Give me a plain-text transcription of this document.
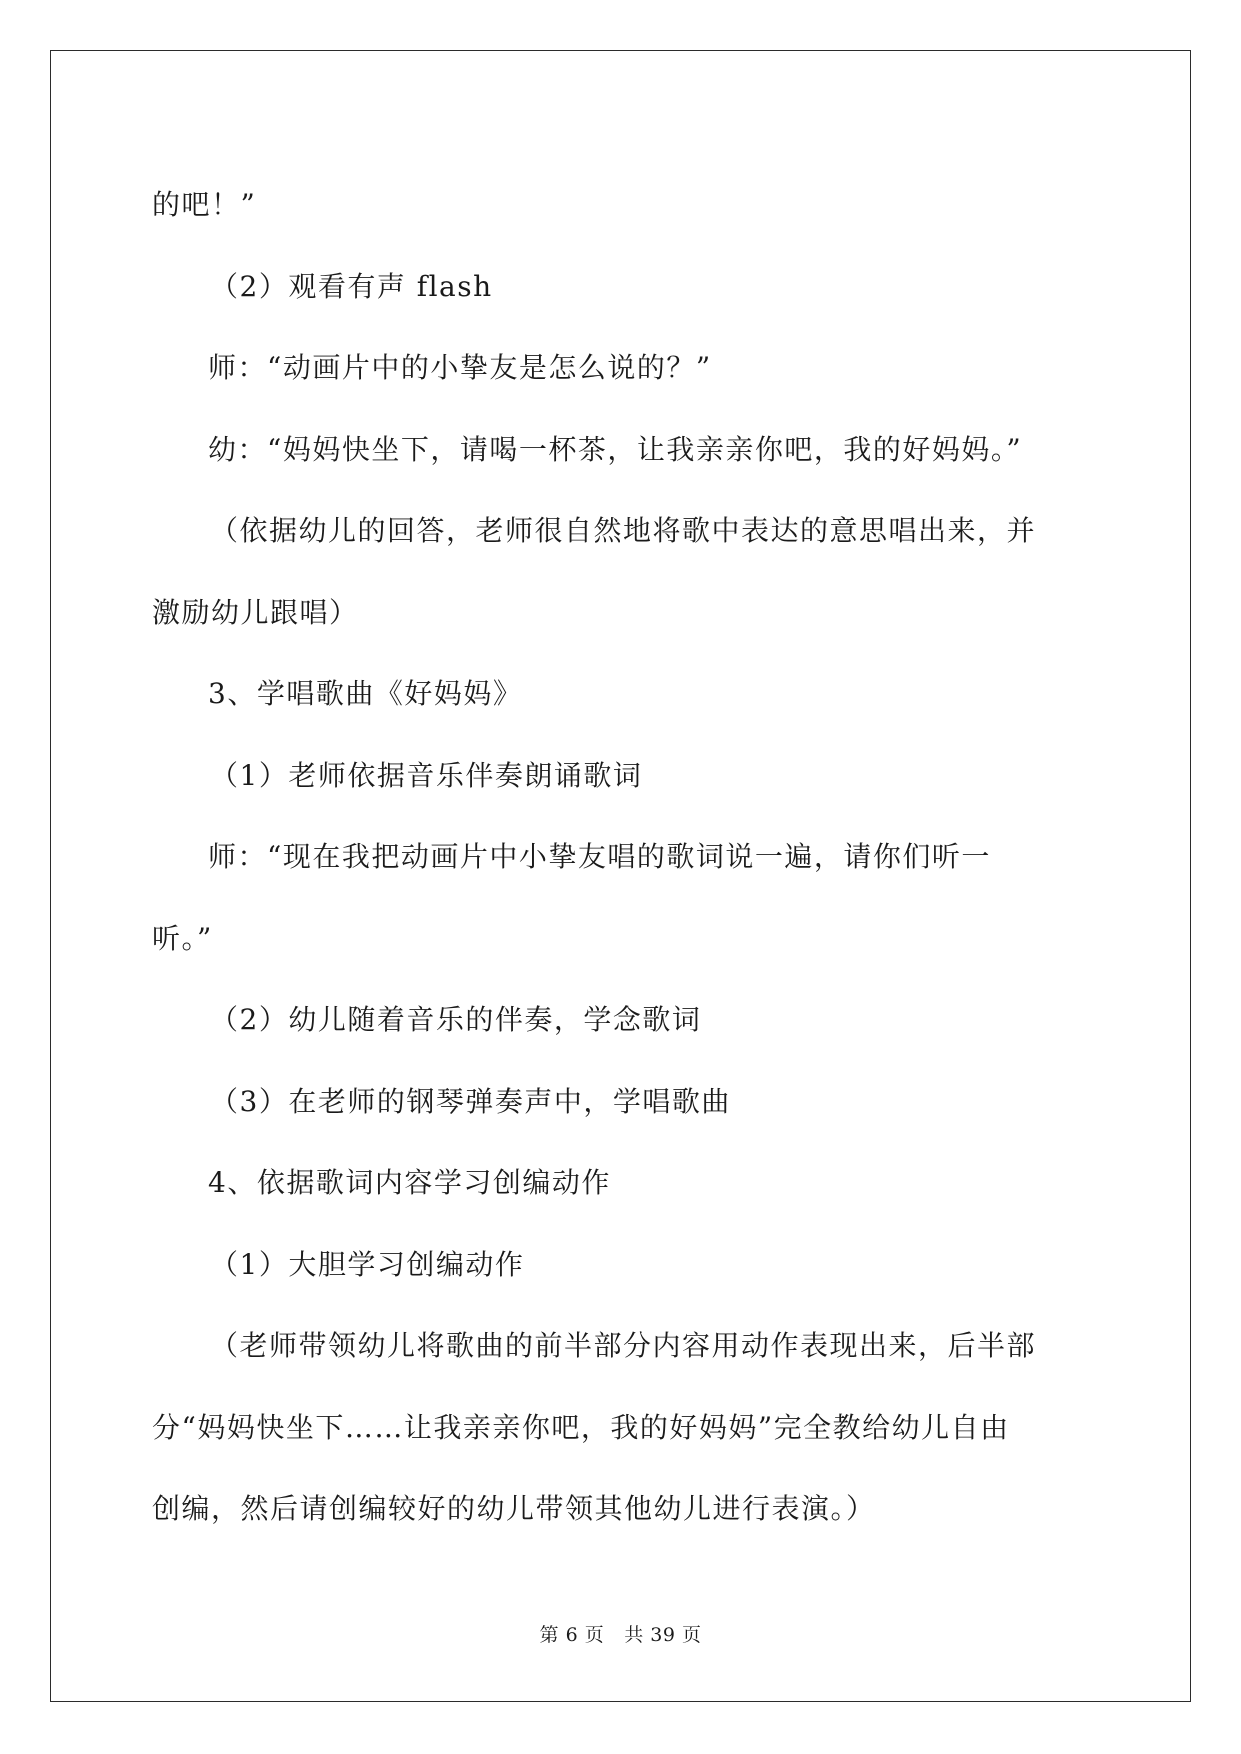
的吧！”
（2）观看有声 flash
师：“动画片中的小挚友是怎么说的？”
幼：“妈妈快坐下，请喝一杯茶，让我亲亲你吧，我的好妈妈。”
（依据幼儿的回答，老师很自然地将歌中表达的意思唱出来，并
激励幼儿跟唱）
3、学唱歌曲《好妈妈》
（1）老师依据音乐伴奏朗诵歌词
师：“现在我把动画片中小挚友唱的歌词说一遍，请你们听一
听。”
（2）幼儿随着音乐的伴奏，学念歌词
（3）在老师的钢琴弹奏声中，学唱歌曲
4、依据歌词内容学习创编动作
（1）大胆学习创编动作
（老师带领幼儿将歌曲的前半部分内容用动作表现出来，后半部
分“妈妈快坐下……让我亲亲你吧，我的好妈妈”完全教给幼儿自由
创编，然后请创编较好的幼儿带领其他幼儿进行表演。）
第 6 页 共 39 页
